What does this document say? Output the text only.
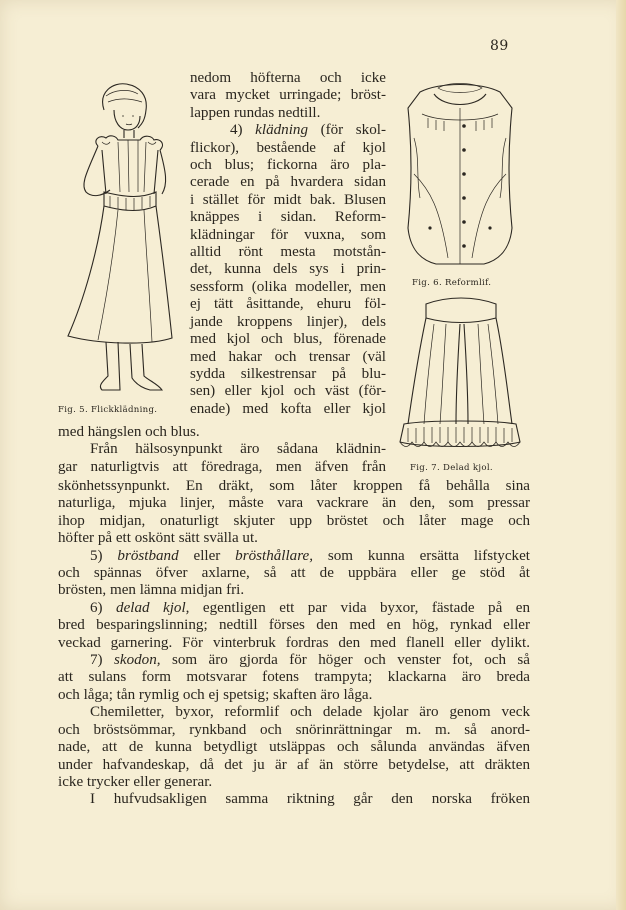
89
Fig. 5. Flickklädning.
Fig. 6. Reformlif.
Fig. 7. Delad kjol.
nedom höfterna och icke
vara mycket urringade; bröst-
lappen rundas nedtill.
4) klädning (för skol-
flickor), bestående af kjol
och blus; fickorna äro pla-
cerade en på hvardera sidan
i stället för midt bak. Blusen
knäppes i sidan. Reform-
klädningar för vuxna, som
alltid rönt mesta motstån-
det, kunna dels sys i prin-
sessform (olika modeller, men
ej tätt åsittande, ehuru föl-
jande kroppens linjer), dels
med kjol och blus, förenade
med hakar och trensar (väl
sydda silkestrensar på blu-
sen) eller kjol och väst (för-
enade) med kofta eller kjol
med hängslen och blus.
Från hälsosynpunkt äro sådana klädnin-
gar naturligtvis att föredraga, men äfven från
skönhetssynpunkt. En dräkt, som låter kroppen få behålla sina
naturliga, mjuka linjer, måste vara vackrare än den, som pressar
ihop midjan, onaturligt skjuter upp bröstet och låter mage och
höfter på ett oskönt sätt svälla ut.
5) bröstband eller brösthållare, som kunna ersätta lifstycket
och spännas öfver axlarne, så att de uppbära eller ge stöd åt
brösten, men lämna midjan fri.
6) delad kjol, egentligen ett par vida byxor, fästade på en
bred besparingslinning; nedtill förses den med en hög, rynkad eller
veckad garnering. För vinterbruk fordras den med flanell eller dylikt.
7) skodon, som äro gjorda för höger och venster fot, och så
att sulans form motsvarar fotens trampyta; klackarna äro breda
och låga; tån rymlig och ej spetsig; skaften äro låga.
Chemiletter, byxor, reformlif och delade kjolar äro genom veck
och bröstsömmar, rynkband och snörinrättningar m. m. så anord-
nade, att de kunna betydligt utsläppas och sålunda användas äfven
under hafvandeskap, då det ju är af än större betydelse, att dräkten
icke trycker eller generar.
I hufvudsakligen samma riktning går den norska fröken
